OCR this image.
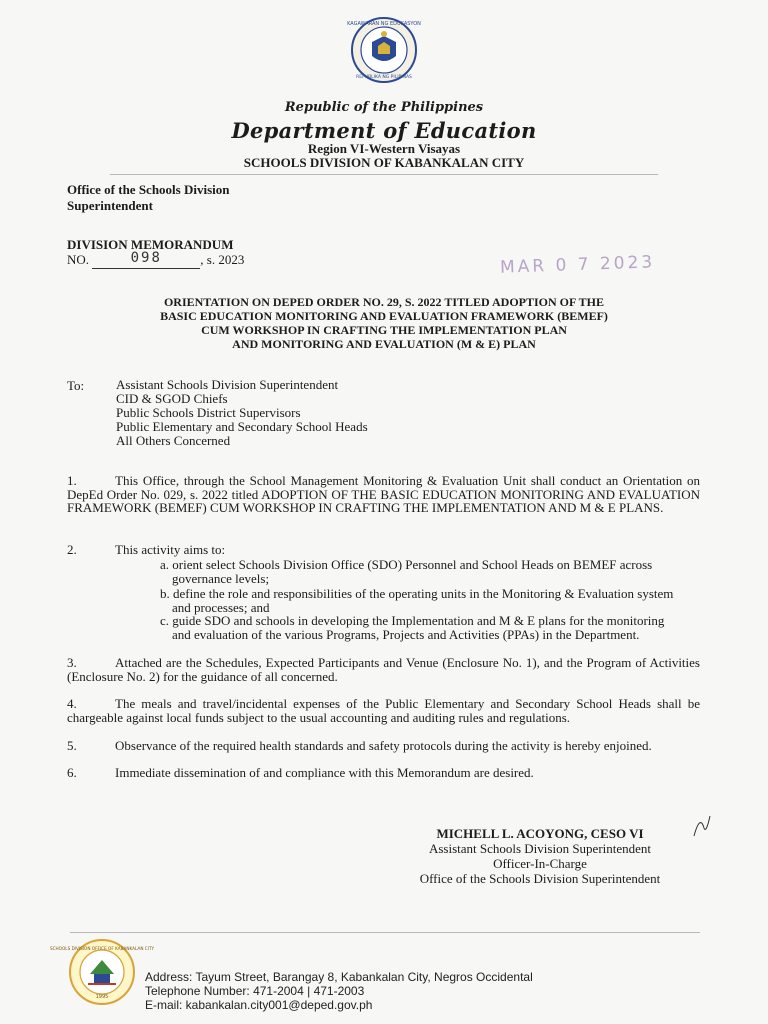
KAGAWARAN NG EDUKASYON
REPUBLIKA NG PILIPINAS
Republic of the Philippines
Department of Education
Region VI-Western Visayas
SCHOOLS DIVISION OF KABANKALAN CITY
Office of the Schools Division
Superintendent
DIVISION MEMORANDUM
NO.	098	, s. 2023	MAR 0 7 2023
ORIENTATION ON DEPED ORDER NO. 29, S. 2022 TITLED ADOPTION OF THE
BASIC EDUCATION MONITORING AND EVALUATION FRAMEWORK (BEMEF)
CUM WORKSHOP IN CRAFTING THE IMPLEMENTATION PLAN
AND MONITORING AND EVALUATION (M & E) PLAN
To: Assistant Schools Division Superintendent
CID & SGOD Chiefs
Public Schools District Supervisors
Public Elementary and Secondary School Heads
All Others Concerned
1.	This Office, through the School Management Monitoring & Evaluation Unit shall conduct an Orientation on DepEd Order No. 029, s. 2022 titled ADOPTION OF THE BASIC EDUCATION MONITORING AND EVALUATION FRAMEWORK (BEMEF) CUM WORKSHOP IN CRAFTING THE IMPLEMENTATION AND M & E PLANS.
2.	This activity aims to:
a. orient select Schools Division Office (SDO) Personnel and School Heads on BEMEF across
governance levels;
b. define the role and responsibilities of the operating units in the Monitoring & Evaluation system
and processes; and
c. guide SDO and schools in developing the Implementation and M & E plans for the monitoring
and evaluation of the various Programs, Projects and Activities (PPAs) in the Department.
3.	Attached are the Schedules, Expected Participants and Venue (Enclosure No. 1), and the Program of Activities (Enclosure No. 2) for the guidance of all concerned.
4.	The meals and travel/incidental expenses of the Public Elementary and Secondary School Heads shall be chargeable against local funds subject to the usual accounting and auditing rules and regulations.
5.	Observance of the required health standards and safety protocols during the activity is hereby enjoined.
6.	Immediate dissemination of and compliance with this Memorandum are desired.
MICHELL L. ACOYONG, CESO VI
Assistant Schools Division Superintendent
Officer-In-Charge
Office of the Schools Division Superintendent
SCHOOLS DIVISION OFFICE OF KABANKALAN CITY
1995
Address: Tayum Street, Barangay 8, Kabankalan City, Negros Occidental
Telephone Number: 471-2004 | 471-2003
E-mail: kabankalan.city001@deped.gov.ph
